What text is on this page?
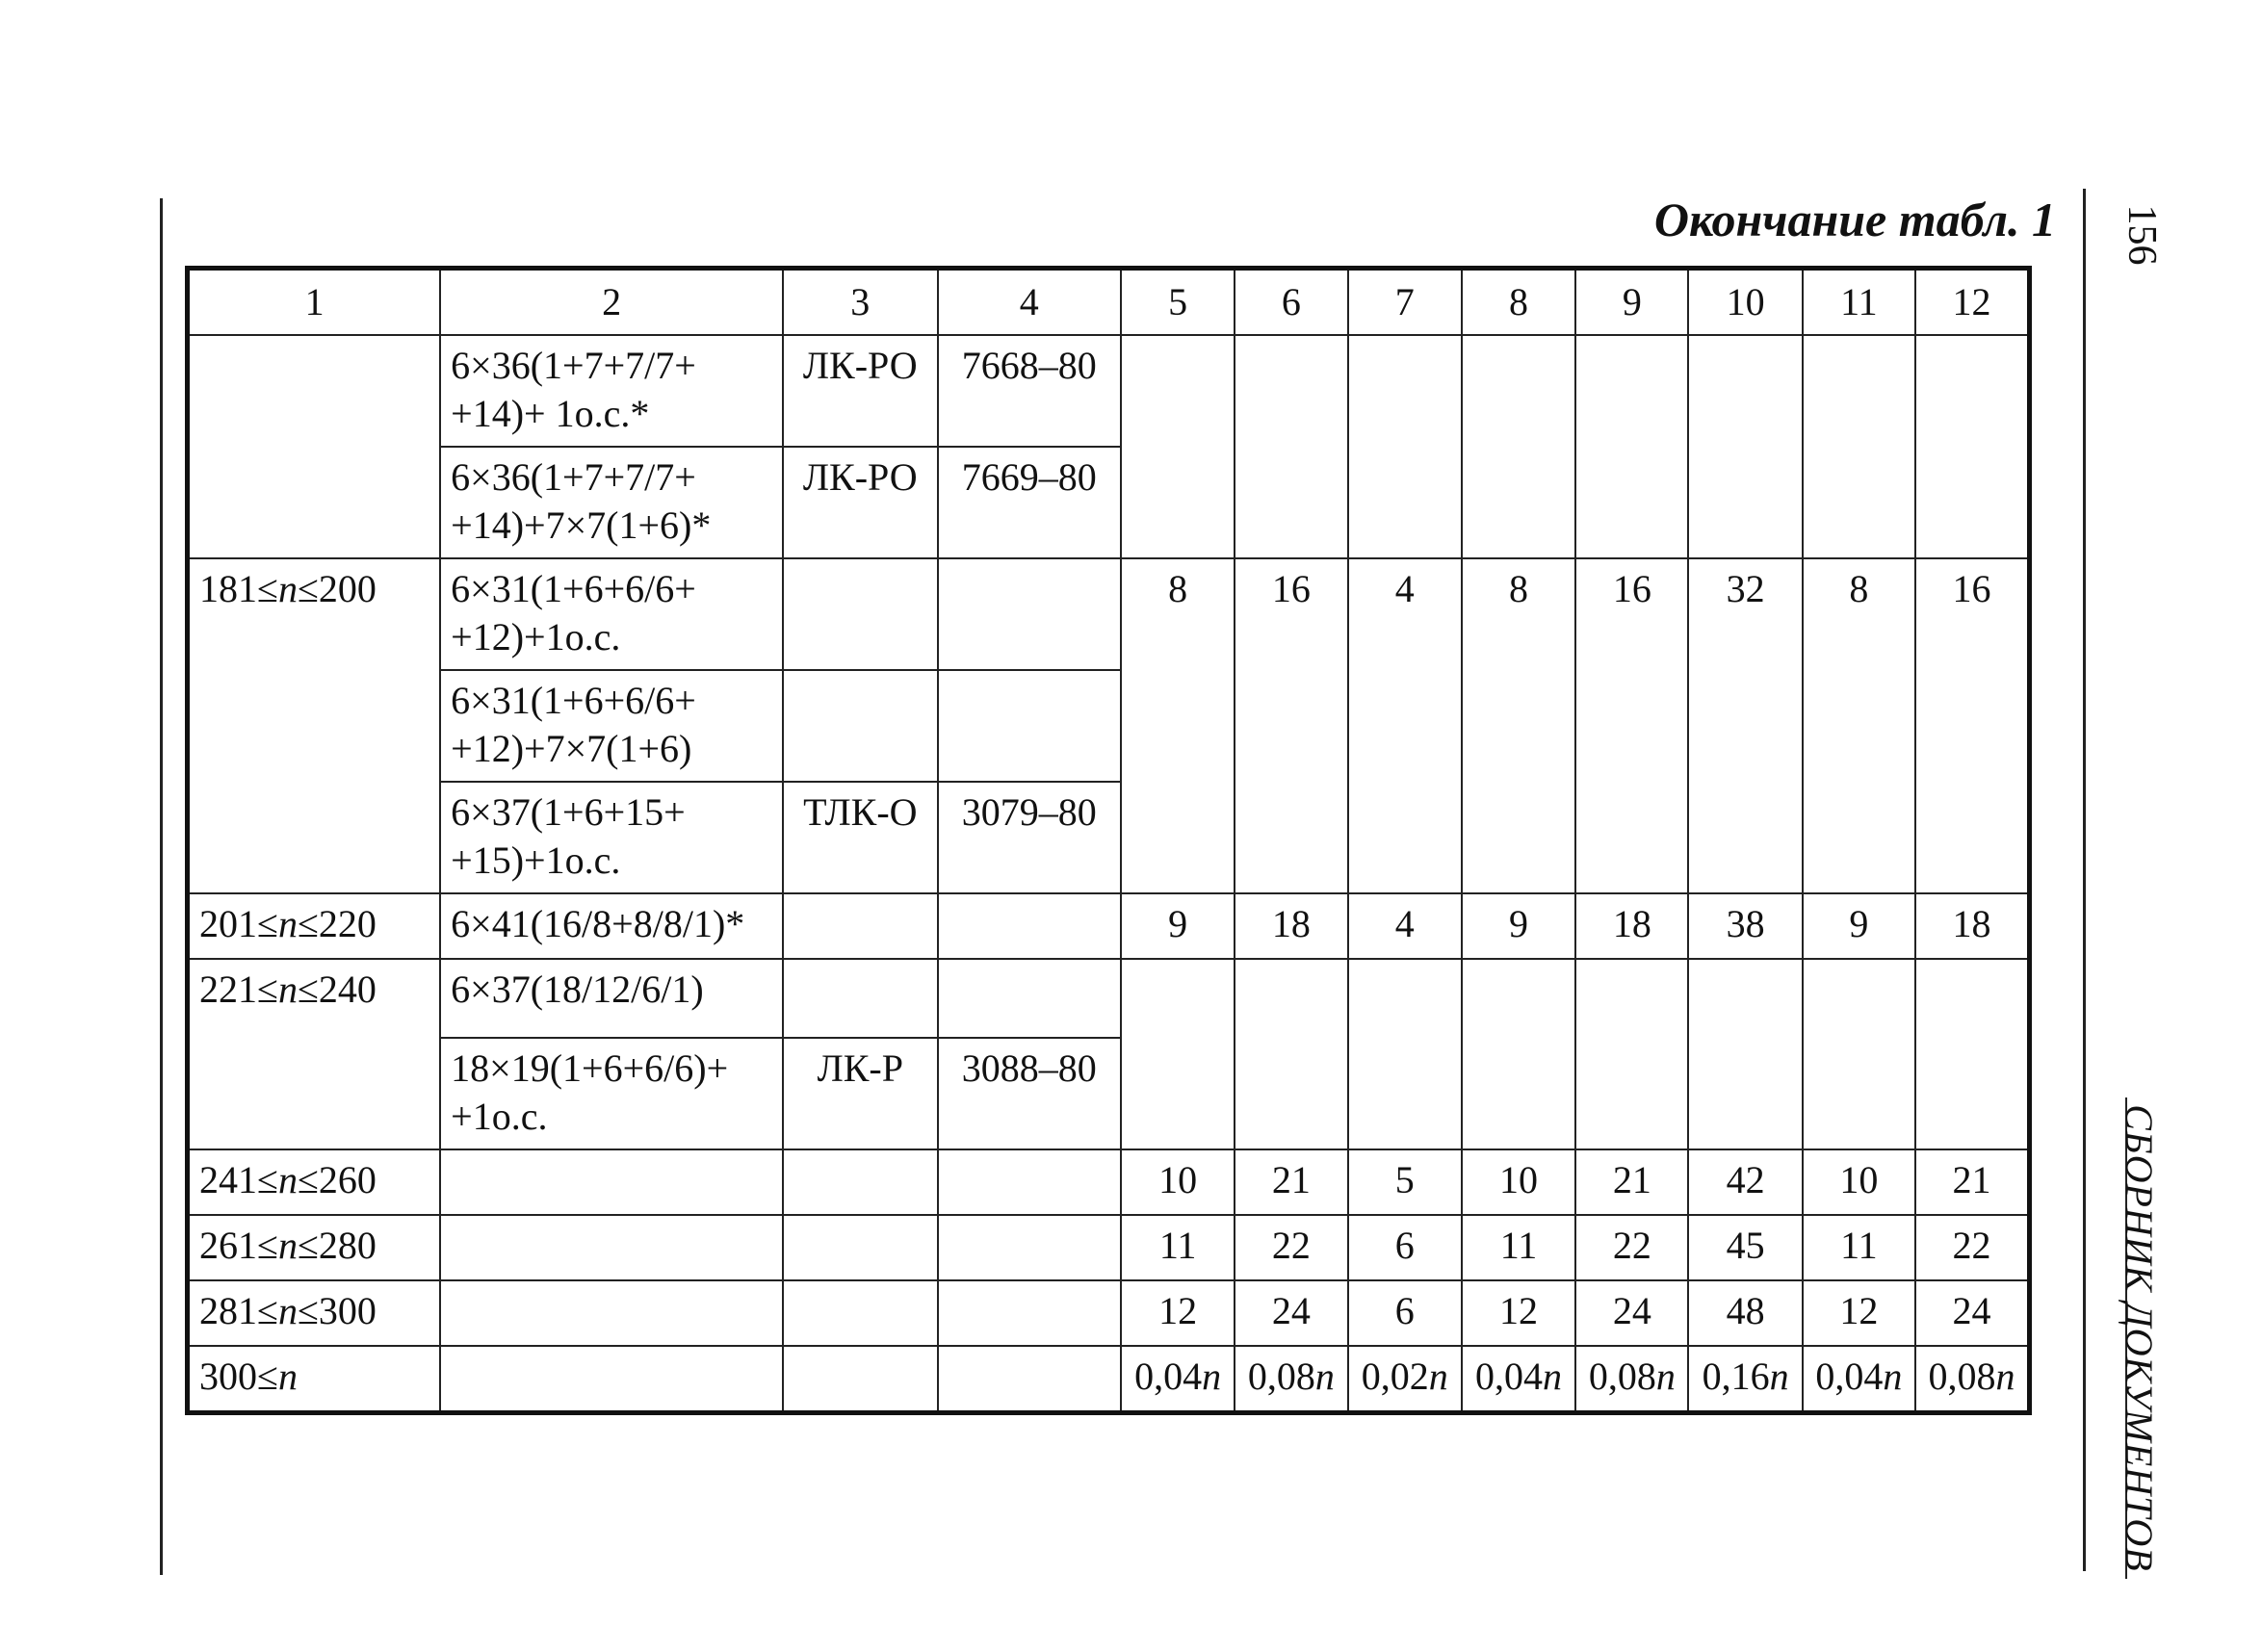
Окончание табл. 1 156
СБОРНИК ДОКУМЕНТОВ
1	2	3	4	5	6	7	8	9	10	11	12
	6×36(1+7+7/7+
+14)+ 1о.с.*	ЛК-РО	7668–80								
	6×36(1+7+7/7+
+14)+7×7(1+6)*	ЛК-РО	7669–80								
181≤n≤200	6×31(1+6+6/6+
+12)+1о.с.			8	16	4	8	16	32	8	16
	6×31(1+6+6/6+
+12)+7×7(1+6)										
	6×37(1+6+15+
+15)+1о.с.	ТЛК-О	3079–80								
201≤n≤220	6×41(16/8+8/8/1)*			9	18	4	9	18	38	9	18
221≤n≤240	6×37(18/12/6/1)										
	18×19(1+6+6/6)+
+1о.с.	ЛК-Р	3088–80								
241≤n≤260				10	21	5	10	21	42	10	21
261≤n≤280				11	22	6	11	22	45	11	22
281≤n≤300				12	24	6	12	24	48	12	24
300≤n				0,04n	0,08n	0,02n	0,04n	0,08n	0,16n	0,04n	0,08n
